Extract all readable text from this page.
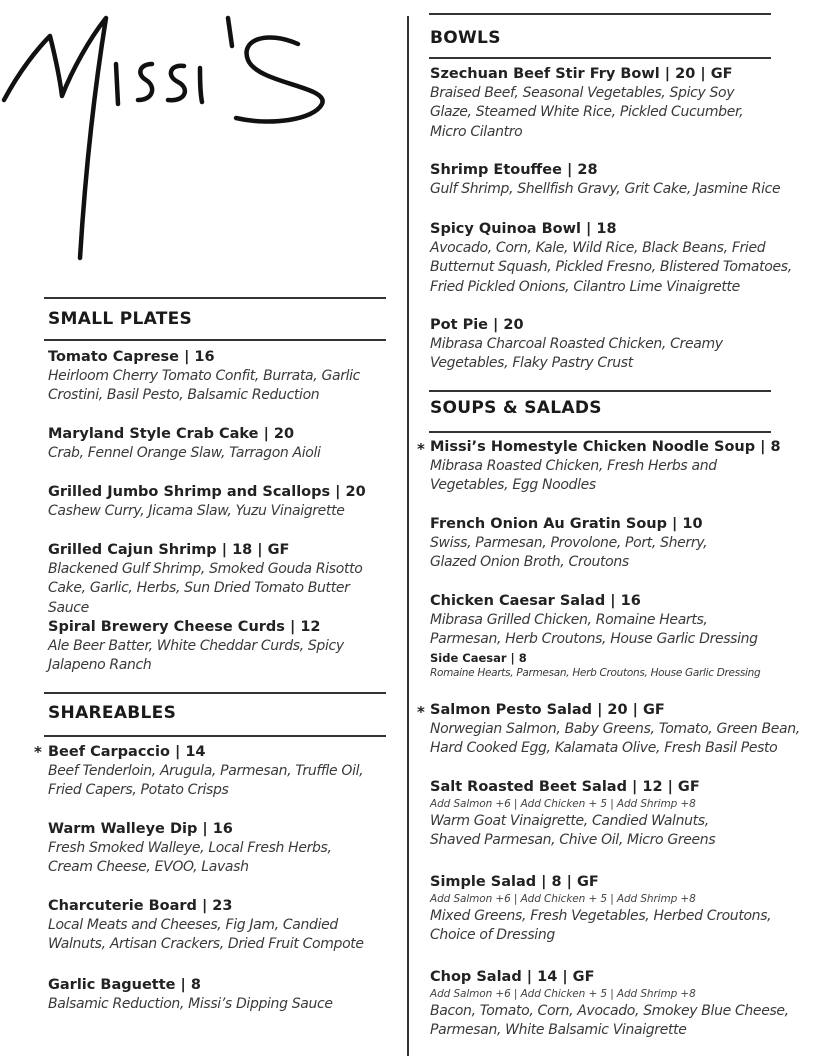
SMALL PLATES
Tomato Caprese | 16
Heirloom Cherry Tomato Confit, Burrata, Garlic Crostini, Basil Pesto, Balsamic Reduction
Maryland Style Crab Cake | 20
Crab, Fennel Orange Slaw, Tarragon Aioli
Grilled Jumbo Shrimp and Scallops | 20
Cashew Curry, Jicama Slaw, Yuzu Vinaigrette
Grilled Cajun Shrimp | 18 | GF
Blackened Gulf Shrimp, Smoked Gouda Risotto Cake, Garlic, Herbs, Sun Dried Tomato Butter Sauce
Spiral Brewery Cheese Curds | 12
Ale Beer Batter, White Cheddar Curds, Spicy Jalapeno Ranch
SHAREABLES
* Beef Carpaccio | 14
Beef Tenderloin, Arugula, Parmesan, Truffle Oil, Fried Capers, Potato Crisps
Warm Walleye Dip | 16
Fresh Smoked Walleye, Local Fresh Herbs, Cream Cheese, EVOO, Lavash
Charcuterie Board | 23
Local Meats and Cheeses, Fig Jam, Candied Walnuts, Artisan Crackers, Dried Fruit Compote
Garlic Baguette | 8
Balsamic Reduction, Missi’s Dipping Sauce
BOWLS
Szechuan Beef Stir Fry Bowl | 20 | GF
Braised Beef, Seasonal Vegetables, Spicy Soy Glaze, Steamed White Rice, Pickled Cucumber, Micro Cilantro
Shrimp Etouffee | 28
Gulf Shrimp, Shellfish Gravy, Grit Cake, Jasmine Rice
Spicy Quinoa Bowl | 18
Avocado, Corn, Kale, Wild Rice, Black Beans, Fried Butternut Squash, Pickled Fresno, Blistered Tomatoes, Fried Pickled Onions, Cilantro Lime Vinaigrette
Pot Pie | 20
Mibrasa Charcoal Roasted Chicken, Creamy Vegetables, Flaky Pastry Crust
SOUPS & SALADS
* Missi’s Homestyle Chicken Noodle Soup | 8
Mibrasa Roasted Chicken, Fresh Herbs and Vegetables, Egg Noodles
French Onion Au Gratin Soup | 10
Swiss, Parmesan, Provolone, Port, Sherry, Glazed Onion Broth, Croutons
Chicken Caesar Salad | 16
Mibrasa Grilled Chicken, Romaine Hearts, Parmesan, Herb Croutons, House Garlic Dressing
Side Caesar | 8
Romaine Hearts, Parmesan, Herb Croutons, House Garlic Dressing
* Salmon Pesto Salad | 20 | GF
Norwegian Salmon, Baby Greens, Tomato, Green Bean, Hard Cooked Egg, Kalamata Olive, Fresh Basil Pesto
Salt Roasted Beet Salad | 12 | GF
Add Salmon +6 | Add Chicken + 5 | Add Shrimp +8
Warm Goat Vinaigrette, Candied Walnuts, Shaved Parmesan, Chive Oil, Micro Greens
Simple Salad | 8 | GF
Add Salmon +6 | Add Chicken + 5 | Add Shrimp +8
Mixed Greens, Fresh Vegetables, Herbed Croutons, Choice of Dressing
Chop Salad | 14 | GF
Add Salmon +6 | Add Chicken + 5 | Add Shrimp +8
Bacon, Tomato, Corn, Avocado, Smokey Blue Cheese, Parmesan, White Balsamic Vinaigrette
